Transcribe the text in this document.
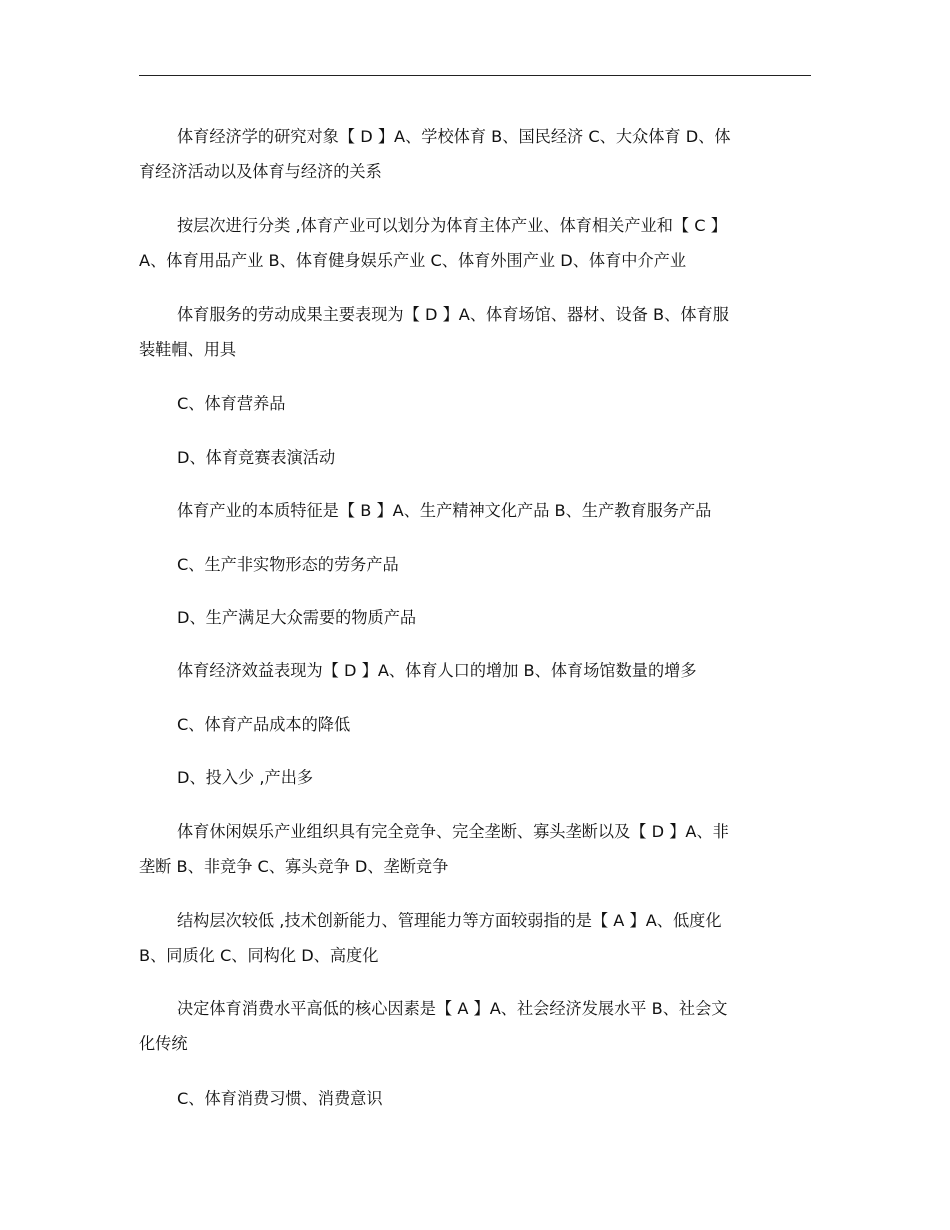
体育经济学的研究对象【 D 】A、学校体育 B、国民经济 C、大众体育 D、体
育经济活动以及体育与经济的关系
按层次进行分类 ,体育产业可以划分为体育主体产业、体育相关产业和【 C 】
A、体育用品产业 B、体育健身娱乐产业 C、体育外围产业 D、体育中介产业
体育服务的劳动成果主要表现为【 D 】A、体育场馆、器材、设备 B、体育服
装鞋帽、用具
C、体育营养品
D、体育竞赛表演活动
体育产业的本质特征是【 B 】A、生产精神文化产品 B、生产教育服务产品
C、生产非实物形态的劳务产品
D、生产满足大众需要的物质产品
体育经济效益表现为【 D 】A、体育人口的增加 B、体育场馆数量的增多
C、体育产品成本的降低
D、投入少 ,产出多
体育休闲娱乐产业组织具有完全竞争、完全垄断、寡头垄断以及【 D 】A、非
垄断 B、非竞争 C、寡头竞争 D、垄断竞争
结构层次较低 ,技术创新能力、管理能力等方面较弱指的是【 A 】A、低度化
B、同质化 C、同构化 D、高度化
决定体育消费水平高低的核心因素是【 A 】A、社会经济发展水平 B、社会文
化传统
C、体育消费习惯、消费意识
